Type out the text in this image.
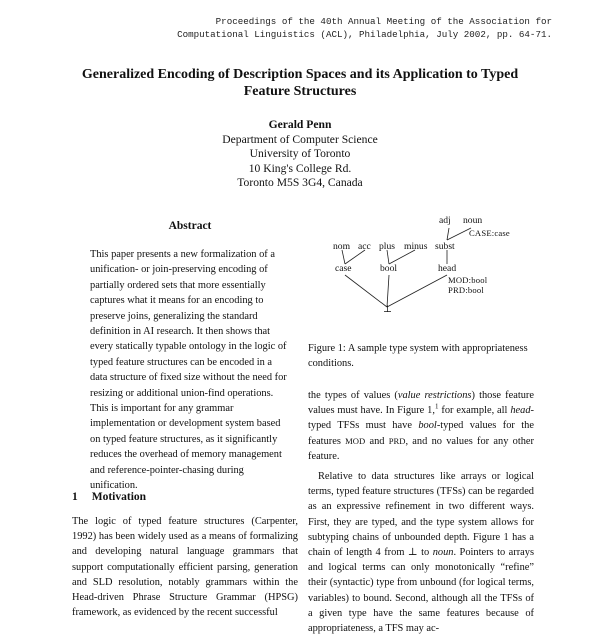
Proceedings of the 40th Annual Meeting of the Association for
Computational Linguistics (ACL), Philadelphia, July 2002, pp. 64-71.
Generalized Encoding of Description Spaces and its Application to Typed
Feature Structures
Gerald Penn
Department of Computer Science
University of Toronto
10 King's College Rd.
Toronto M5S 3G4, Canada
Abstract
This paper presents a new formalization of a unification- or join-preserving encoding of partially ordered sets that more essentially captures what it means for an encoding to preserve joins, generalizing the standard definition in AI research. It then shows that every statically typable ontology in the logic of typed feature structures can be encoded in a data structure of fixed size without the need for resizing or additional union-find operations. This is important for any grammar implementation or development system based on typed feature structures, as it significantly reduces the overhead of memory management and reference-pointer-chasing during unification.
1 Motivation
The logic of typed feature structures (Carpenter, 1992) has been widely used as a means of formalizing and developing natural language grammars that support computationally efficient parsing, generation and SLD resolution, notably grammars within the Head-driven Phrase Structure Grammar (HPSG) framework, as evidenced by the recent successful
adj noun
CASE:case
nom acc plus minus subst
case	bool	head
MOD:bool
PRD:bool
⊥
Figure 1: A sample type system with appropriateness conditions.

the types of values (value restrictions) those feature values must have. In Figure 1,$^1$ for example, all head-typed TFSs must have bool-typed values for the features MOD and PRD, and no values for any other feature.

Relative to data structures like arrays or logical terms, typed feature structures (TFSs) can be regarded as an expressive refinement in two different ways. First, they are typed, and the type system allows for subtyping chains of unbounded depth. Figure 1 has a chain of length 4 from ⊥ to noun. Pointers to arrays and logical terms can only monotonically “refine” their (syntactic) type from unbound (for logical terms, variables) to bound. Second, although all the TFSs of a given type have the same features because of appropriateness, a TFS may ac-
